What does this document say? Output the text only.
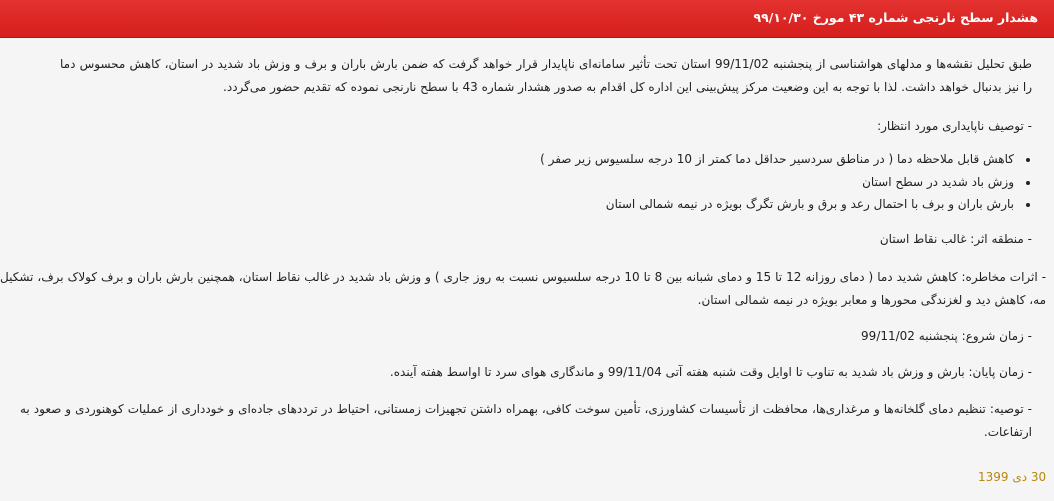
هشدار سطح نارنجی شماره ۴۳ مورخ ۹۹/۱۰/۳۰
طبق تحلیل نقشه‌ها و مدلهای هواشناسی از پنجشنبه 99/11/02 استان تحت تأثیر سامانه‌ای ناپایدار قرار خواهد گرفت که ضمن بارش باران و برف و وزش باد شدید در استان، کاهش محسوس دما را نیز بدنبال خواهد داشت. لذا با توجه به این وضعیت مرکز پیش‌بینی این اداره کل اقدام به صدور هشدار شماره 43 با سطح نارنجی نموده که تقدیم حضور می‌گردد.
- توصیف ناپایداری مورد انتظار:
• کاهش قابل ملاحظه دما ( در مناطق سردسیر حداقل دما کمتر از 10 درجه سلسیوس زیر صفر )
• وزش باد شدید در سطح استان
• بارش باران و برف با احتمال رعد و برق و بارش تگرگ بویژه در نیمه شمالی استان
- منطقه اثر: غالب نقاط استان
- اثرات مخاطره: کاهش شدید دما ( دمای روزانه 12 تا 15 و دمای شبانه بین 8 تا 10 درجه سلسیوس نسبت به روز جاری ) و وزش باد شدید در غالب نقاط استان، همچنین بارش باران و برف کولاک برف، تشکیل مه، کاهش دید و لغزندگی محورها و معابر بویژه در نیمه شمالی استان.
- زمان شروع: پنجشنبه 99/11/02
- زمان پایان: بارش و وزش باد شدید به تناوب تا اوایل وقت شنبه هفته آتی 99/11/04 و ماندگاری هوای سرد تا اواسط هفته آینده.
- توصیه: تنظیم دمای گلخانه‌ها و مرغداری‌ها، محافظت از تأسیسات کشاورزی، تأمین سوخت کافی، بهمراه داشتن تجهیزات زمستانی، احتیاط در ترددهای جاده‌ای و خودداری از عملیات کوهنوردی و صعود به ارتفاعات.
30 دی 1399
